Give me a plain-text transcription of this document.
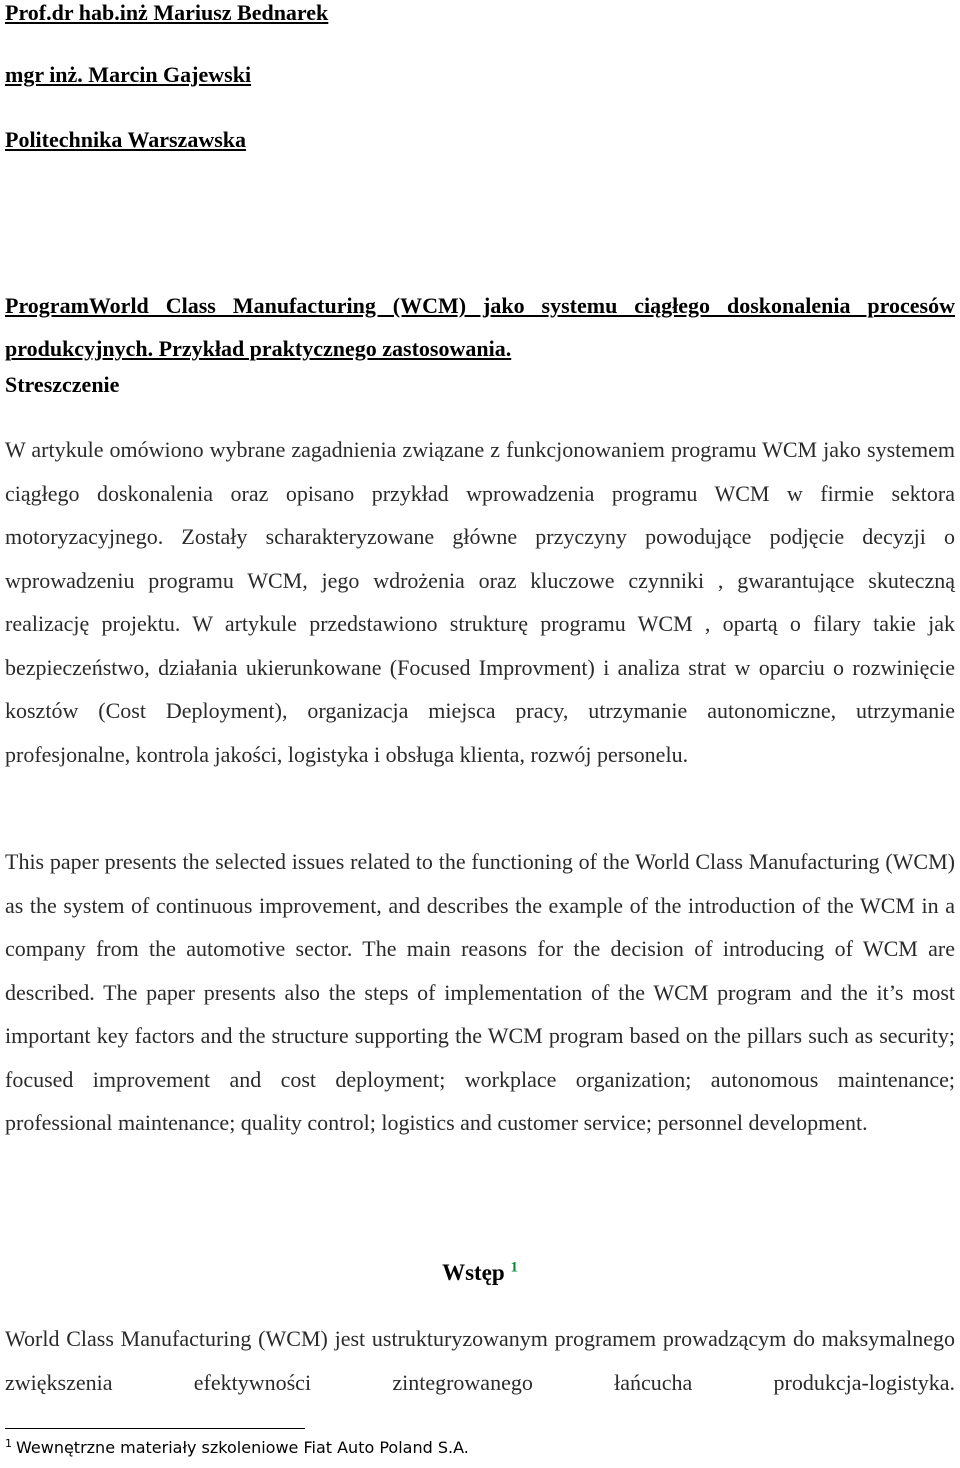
Prof.dr hab.inż Mariusz Bednarek

mgr inż. Marcin Gajewski

Politechnika Warszawska

ProgramWorld Class Manufacturing (WCM) jako systemu ciągłego doskonalenia procesów produkcyjnych. Przykład praktycznego zastosowania.

Streszczenie

W artykule omówiono wybrane zagadnienia związane z funkcjonowaniem programu WCM jako systemem ciągłego doskonalenia oraz opisano przykład wprowadzenia programu WCM w firmie sektora motoryzacyjnego. Zostały scharakteryzowane główne przyczyny powodujące podjęcie decyzji o wprowadzeniu programu WCM, jego wdrożenia oraz kluczowe czynniki , gwarantujące skuteczną realizację projektu. W artykule przedstawiono strukturę programu WCM , opartą o filary takie jak bezpieczeństwo, działania ukierunkowane (Focused Improvment) i analiza strat w oparciu o rozwinięcie kosztów (Cost Deployment), organizacja miejsca pracy, utrzymanie autonomiczne, utrzymanie profesjonalne, kontrola jakości, logistyka i obsługa klienta, rozwój personelu.

This paper presents the selected issues related to the functioning of the World Class Manufacturing (WCM) as the system of continuous improvement, and describes the example of the introduction of the WCM in a company from the automotive sector. The main reasons for the decision of introducing of WCM are described. The paper presents also the steps of implementation of the WCM program and the it’s most important key factors and the structure supporting the WCM program based on the pillars such as security; focused improvement and cost deployment; workplace organization; autonomous maintenance; professional maintenance; quality control; logistics and customer service; personnel development.

Wstęp $^1$

World Class Manufacturing (WCM) jest ustrukturyzowanym programem prowadzącym do maksymalnego zwiększenia efektywności zintegrowanego łańcucha produkcja-logistyka.

$^1$ Wewnętrzne materiały szkoleniowe Fiat Auto Poland S.A.
